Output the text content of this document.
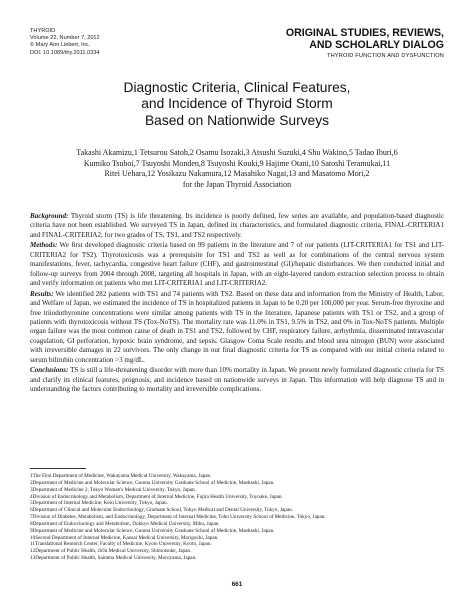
THYROID
Volume 22, Number 7, 2012
© Mary Ann Liebert, Inc.
DOI: 10.1089/thy.2011.0334
ORIGINAL STUDIES, REVIEWS,
AND SCHOLARLY DIALOG
THYROID FUNCTION AND DYSFUNCTION
Diagnostic Criteria, Clinical Features,
and Incidence of Thyroid Storm
Based on Nationwide Surveys
Takashi Akamizu,1 Tetsurou Satoh,2 Osamu Isozaki,3 Atsushi Suzuki,4 Shu Wakino,5 Tadao Iburi,6
Kumiko Tsuboi,7 Tsuyoshi Monden,8 Tsuyoshi Kouki,9 Hajime Otani,10 Satoshi Teramukai,11
Ritei Uehara,12 Yosikazu Nakamura,12 Masahiko Nagai,13 and Masatomo Mori,2
for the Japan Thyroid Association

Background: Thyroid storm (TS) is life threatening. Its incidence is poorly defined, few series are available, and population-based diagnostic criteria have not been established. We surveyed TS in Japan, defined its characteristics, and formulated diagnostic criteria, FINAL-CRITERIA1 and FINAL-CRITERIA2, for two grades of TS, TS1, and TS2 respectively.

Methods: We first developed diagnostic criteria based on 99 patients in the literature and 7 of our patients (LIT-CRITERIA1 for TS1 and LIT-CRITERIA2 for TS2). Thyrotoxicosis was a prerequisite for TS1 and TS2 as well as for combinations of the central nervous system manifestations, fever, tachycardia, congestive heart failure (CHF), and gastrointestinal (GI)/hepatic disturbances. We then conducted initial and follow-up surveys from 2004 through 2008, targeting all hospitals in Japan, with an eight-layered random extraction selection process to obtain and verify information on patients who met LIT-CRITERIA1 and LIT-CRITERIA2.

Results: We identified 282 patients with TS1 and 74 patients with TS2. Based on these data and information from the Ministry of Health, Labor, and Welfare of Japan, we estimated the incidence of TS in hospitalized patients in Japan to be 0.20 per 100,000 per year. Serum-free thyroxine and free triiodothyronine concentrations were similar among patients with TS in the literature, Japanese patients with TS1 or TS2, and a group of patients with thyrotoxicosis without TS (Tox-NoTS). The mortality rate was 11.0% in TS1, 9.5% in TS2, and 0% in Tox-NoTS patients. Multiple organ failure was the most common cause of death in TS1 and TS2, followed by CHF, respiratory failure, arrhythmia, disseminated intravascular coagulation, GI perforation, hypoxic brain syndrome, and sepsis. Glasgow Coma Scale results and blood urea nitrogen (BUN) were associated with irreversible damages in 22 survivors. The only change in our final diagnostic criteria for TS as compared with our initial criteria related to serum bilirubin concentration >3 mg/dL.

Conclusions: TS is still a life-threatening disorder with more than 10% mortality in Japan. We present newly formulated diagnostic criteria for TS and clarify its clinical features, prognosis, and incidence based on nationwide surveys in Japan. This information will help diagnose TS and in understanding the factors contributing to mortality and irreversible complications.

1The First Department of Medicine, Wakayama Medical University, Wakayama, Japan.
2Department of Medicine and Molecular Science, Gunma University Graduate School of Medicine, Maebashi, Japan.
3Department of Medicine 2, Tokyo Women's Medical University, Tokyo, Japan.
4Division of Endocrinology and Metabolism, Department of Internal Medicine, Fujita Health University, Toyoake, Japan.
5Department of Internal Medicine, Keio University, Tokyo, Japan.
6Department of Clinical and Molecular Endocrinology, Graduate School, Tokyo Medical and Dental University, Tokyo, Japan.
7Division of Diabetes, Metabolism, and Endocrinology, Department of Internal Medicine, Toho University School of Medicine, Tokyo, Japan.
8Department of Endocrinology and Metabolism, Dokkyo Medical University, Mibu, Japan.
9Department of Medicine and Molecular Science, Gunma University Graduate School of Medicine, Maebashi, Japan.
10Second Department of Internal Medicine, Kansai Medical University, Moriguchi, Japan.
11Translational Research Center, Faculty of Medicine, Kyoto University, Kyoto, Japan.
12Department of Public Health, Jichi Medical University, Shimotsuke, Japan.
13Department of Public Health, Saitama Medical University, Moroyama, Japan.
661
